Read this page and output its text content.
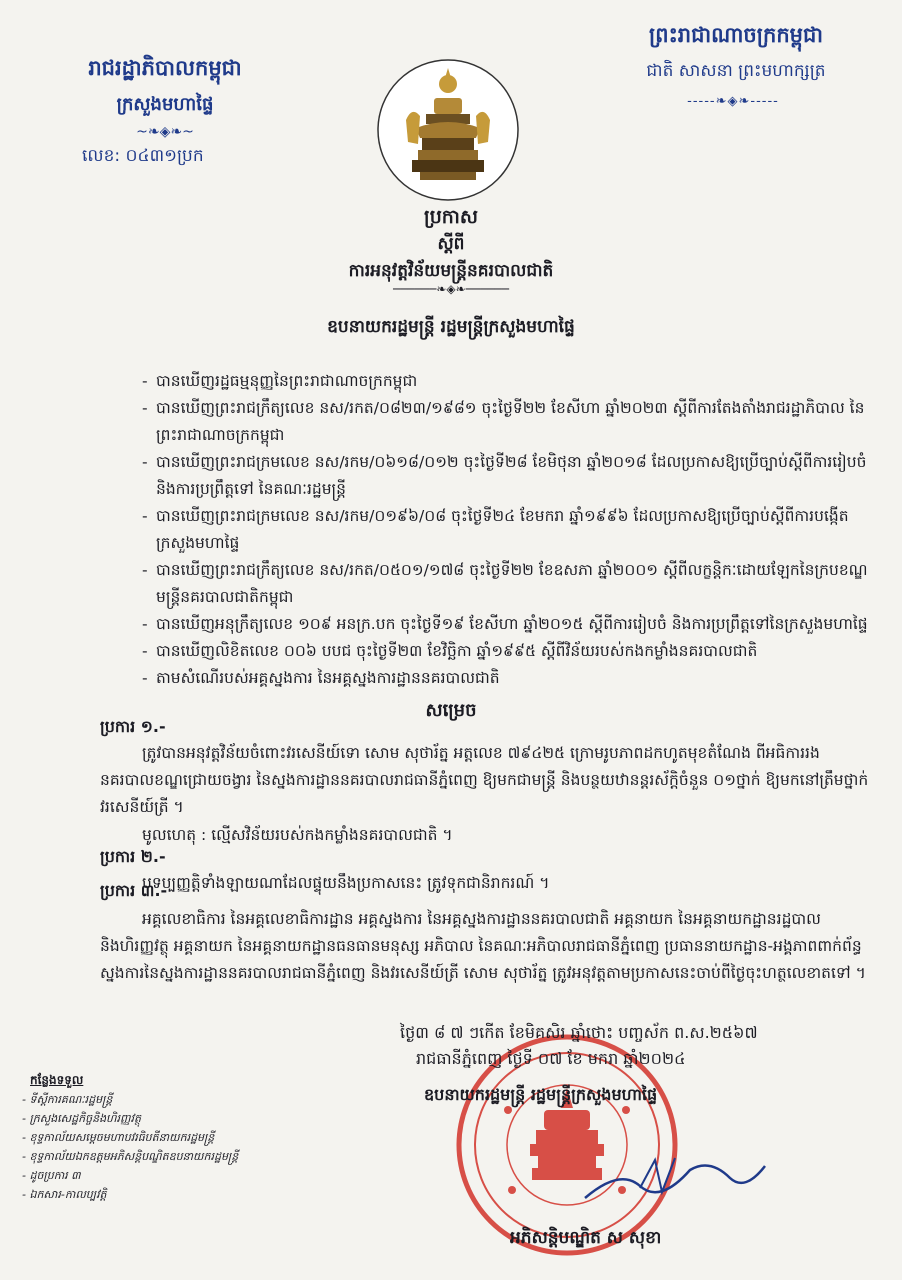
ព្រះរាជាណាចក្រកម្ពុជា
ជាតិ សាសនា ព្រះមហាក្សត្រ
-----❧◈❧-----
រាជរដ្ឋាភិបាលកម្ពុជា
ក្រសួងមហាផ្ទៃ
~❧◈❧~
លេខ: ០៤៣១ប្រក
ប្រកាស
ស្តីពី
ការអនុវត្តវិន័យមន្ត្រីនគរបាលជាតិ
──────❧◈❧──────
ឧបនាយករដ្ឋមន្ត្រី រដ្ឋមន្ត្រីក្រសួងមហាផ្ទៃ
- បានឃើញរដ្ឋធម្មនុញ្ញនៃព្រះរាជាណាចក្រកម្ពុជា
- បានឃើញព្រះរាជក្រឹត្យលេខ នស/រកត/០៨២៣/១៩៨១ ចុះថ្ងៃទី២២ ខែសីហា ឆ្នាំ២០២៣ ស្តីពីការតែងតាំងរាជរដ្ឋាភិបាល នៃព្រះរាជាណាចក្រកម្ពុជា
- បានឃើញព្រះរាជក្រមលេខ នស/រកម/០៦១៨/០១២ ចុះថ្ងៃទី២៨ ខែមិថុនា ឆ្នាំ២០១៨ ដែលប្រកាសឱ្យប្រើច្បាប់ស្តីពីការរៀបចំ និងការប្រព្រឹត្តទៅ នៃគណៈរដ្ឋមន្ត្រី
- បានឃើញព្រះរាជក្រមលេខ នស/រកម/០១៩៦/០៨ ចុះថ្ងៃទី២៤ ខែមករា ឆ្នាំ១៩៩៦ ដែលប្រកាសឱ្យប្រើច្បាប់ស្តីពីការបង្កើតក្រសួងមហាផ្ទៃ
- បានឃើញព្រះរាជក្រឹត្យលេខ នស/រកត/០៥០១/១៧៨ ចុះថ្ងៃទី២២ ខែឧសភា ឆ្នាំ២០០១ ស្តីពីលក្ខន្តិកៈដោយឡែកនៃក្របខណ្ឌមន្ត្រីនគរបាលជាតិកម្ពុជា
- បានឃើញអនុក្រឹត្យលេខ ១០៩ អនក្រ.បក ចុះថ្ងៃទី១៩ ខែសីហា ឆ្នាំ២០១៥ ស្តីពីការរៀបចំ និងការប្រព្រឹត្តទៅនៃក្រសួងមហាផ្ទៃ
- បានឃើញលិខិតលេខ ០០៦ បបជ ចុះថ្ងៃទី២៣ ខែវិច្ឆិកា ឆ្នាំ១៩៩៥ ស្តីពីវិន័យរបស់កងកម្លាំងនគរបាលជាតិ
- តាមសំណើរបស់អគ្គស្នងការ នៃអគ្គស្នងការដ្ឋាននគរបាលជាតិ
សម្រេច
ប្រការ ១.-
ត្រូវបានអនុវត្តវិន័យចំពោះវរសេនីយ៍ទោ សោម សុថារ័ត្ន អត្តលេខ ៧៩៤២៥ ក្រោមរូបភាពដកហូតមុខតំណែង ពីអធិការរងនគរបាលខណ្ឌជ្រោយចង្វារ នៃស្នងការដ្ឋាននគរបាលរាជធានីភ្នំពេញ ឱ្យមកជាមន្ត្រី និងបន្ថយឋានន្តរស័ក្តិចំនួន ០១ថ្នាក់ ឱ្យមកនៅត្រឹមថ្នាក់ វរសេនីយ៍ត្រី ។
មូលហេតុ : ល្មើសវិន័យរបស់កងកម្លាំងនគរបាលជាតិ ។
ប្រការ ២.-
បទប្បញ្ញត្តិទាំងឡាយណាដែលផ្ទុយនឹងប្រកាសនេះ ត្រូវទុកជានិរាករណ៍ ។
ប្រការ ៣.-
អគ្គលេខាធិការ នៃអគ្គលេខាធិការដ្ឋាន អគ្គស្នងការ នៃអគ្គស្នងការដ្ឋាននគរបាលជាតិ អគ្គនាយក នៃអគ្គនាយកដ្ឋានរដ្ឋបាលនិងហិរញ្ញវត្ថុ អគ្គនាយក នៃអគ្គនាយកដ្ឋានធនធានមនុស្ស អភិបាល នៃគណៈអភិបាលរាជធានីភ្នំពេញ ប្រធាននាយកដ្ឋាន-អង្គភាពពាក់ព័ន្ធ ស្នងការនៃស្នងការដ្ឋាននគរបាលរាជធានីភ្នំពេញ និងវរសេនីយ៍ត្រី សោម សុថារ័ត្ន ត្រូវអនុវត្តតាមប្រកាសនេះចាប់ពីថ្ងៃចុះហត្ថលេខាតទៅ ។
ថ្ងៃ៣ ៨ ៧ ៗកើត ខែមិគសិរ ឆ្នាំថោះ បញ្ចស័ក ព.ស.២៥៦៧
រាជធានីភ្នំពេញ ថ្ងៃទី ០៧ ខែ មករា ឆ្នាំ២០២៤
ឧបនាយករដ្ឋមន្ត្រី រដ្ឋមន្ត្រីក្រសួងមហាផ្ទៃ
អភិសន្តិបណ្ឌិត ស សុខា
កន្លែងទទួល
- ទីស្តីការគណៈរដ្ឋមន្ត្រី
- ក្រសួងសេដ្ឋកិច្ចនិងហិរញ្ញវត្ថុ
- ខុទ្ទកាល័យសម្តេចមហាបវរធិបតីនាយករដ្ឋមន្ត្រី
- ខុទ្ទកាល័យឯកឧត្តមអភិសន្តិបណ្ឌិតឧបនាយករដ្ឋមន្ត្រី
- ដូចប្រការ ៣
- ឯកសារ-កាលប្បវត្តិ
